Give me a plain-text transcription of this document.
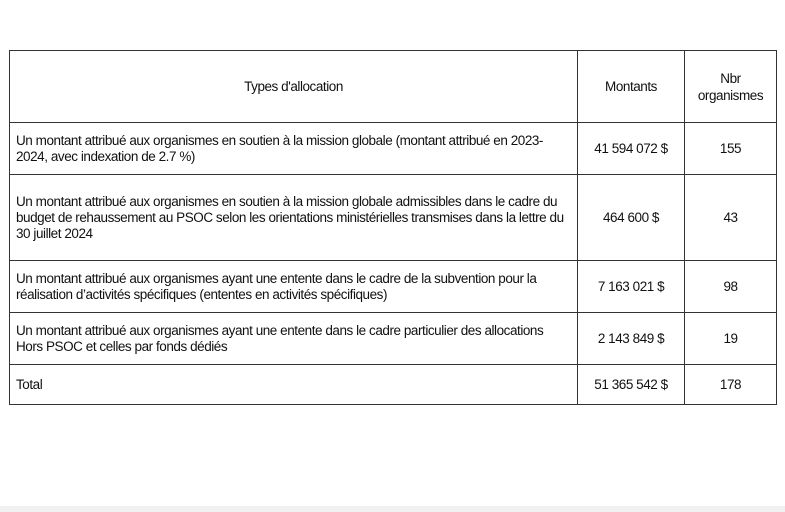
Types d'allocation	Montants	Nbr organismes
Un montant attribué aux organismes en soutien à la mission globale (montant attribué en 2023-2024, avec indexation de 2.7 %)	41 594 072 $	155
Un montant attribué aux organismes en soutien à la mission globale admissibles dans le cadre du budget de rehaussement au PSOC selon les orientations ministérielles transmises dans la lettre du 30 juillet 2024	464 600 $	43
Un montant attribué aux organismes ayant une entente dans le cadre de la subvention pour la réalisation d’activités spécifiques (ententes en activités spécifiques)	7 163 021 $	98
Un montant attribué aux organismes ayant une entente dans le cadre particulier des allocations Hors PSOC et celles par fonds dédiés	2 143 849 $	19
Total	51 365 542 $	178
